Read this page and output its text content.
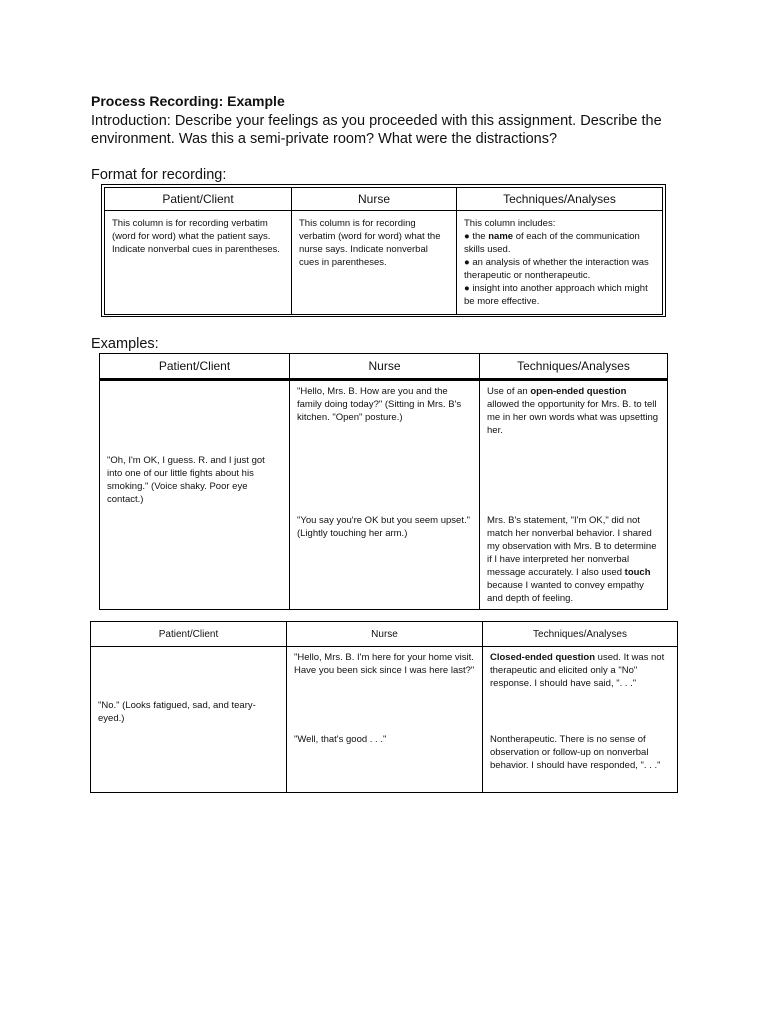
Process Recording: Example
Introduction: Describe your feelings as you proceeded with this assignment. Describe the environment. Was this a semi-private room? What were the distractions?
Format for recording:
Patient/Client	Nurse	Techniques/Analyses
This column is for recording verbatim (word for word) what the patient says. Indicate nonverbal cues in parentheses.	This column is for recording verbatim (word for word) what the nurse says. Indicate nonverbal cues in parentheses.	This column includes:
● the name of each of the communication skills used.
● an analysis of whether the interaction was therapeutic or nontherapeutic.
● insight into another approach which might be more effective.
Examples:
Patient/Client	Nurse	Techniques/Analyses
	"Hello, Mrs. B. How are you and the family doing today?" (Sitting in Mrs. B's kitchen. "Open" posture.)	Use of an open-ended question allowed the opportunity for Mrs. B. to tell me in her own words what was upsetting her.
"Oh, I'm OK, I guess. R. and I just got into one of our little fights about his smoking." (Voice shaky. Poor eye contact.)		
	"You say you're OK but you seem upset." (Lightly touching her arm.)	Mrs. B's statement, "I'm OK," did not match her nonverbal behavior. I shared my observation with Mrs. B to determine if I have interpreted her nonverbal message accurately. I also used touch because I wanted to convey empathy and depth of feeling.
Patient/Client	Nurse	Techniques/Analyses
	"Hello, Mrs. B. I'm here for your home visit. Have you been sick since I was here last?"	Closed-ended question used. It was not therapeutic and elicited only a "No" response. I should have said, ". . ."
"No." (Looks fatigued, sad, and teary-eyed.)		
	"Well, that's good . . ."	Nontherapeutic. There is no sense of observation or follow-up on nonverbal behavior. I should have responded, ". . ."
